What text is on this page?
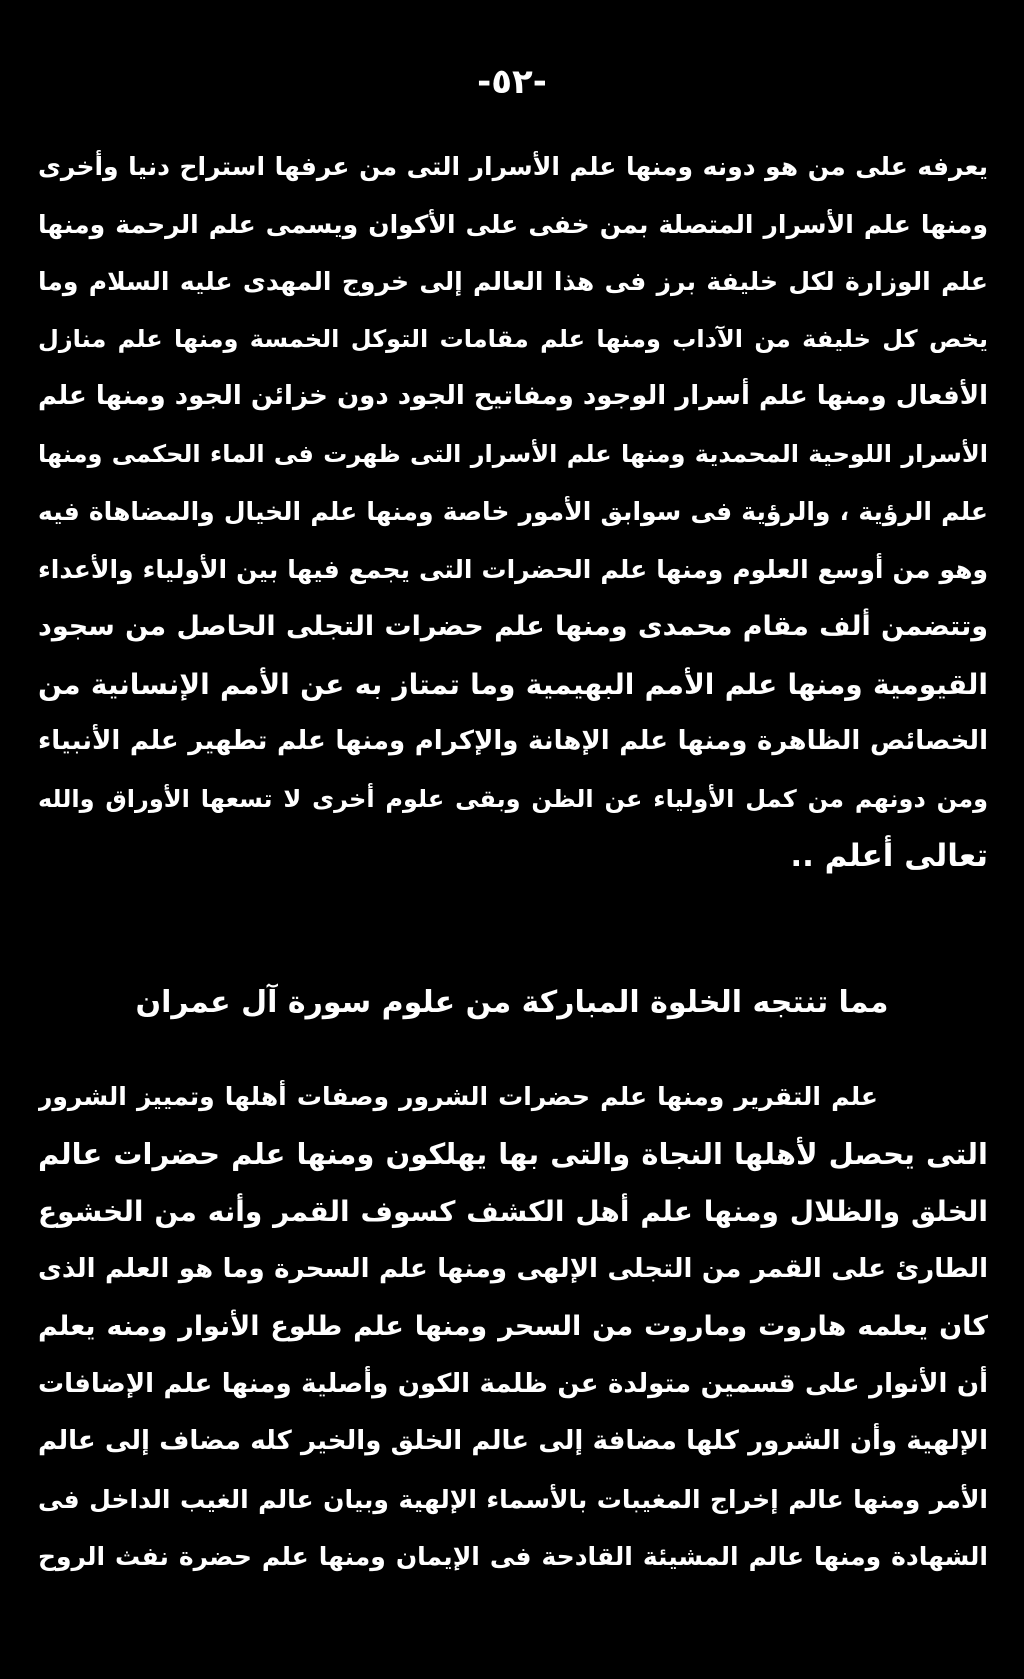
-٥٢-
يعرفه على من هو دونه ومنها علم الأسرار التى من عرفها استراح دنيا وأخرى
ومنها علم الأسرار المتصلة بمن خفى على الأكوان ويسمى علم الرحمة ومنها
علم الوزارة لكل خليفة برز فى هذا العالم إلى خروج المهدى عليه السلام وما
يخص كل خليفة من الآداب ومنها علم مقامات التوكل الخمسة ومنها علم منازل
الأفعال ومنها علم أسرار الوجود ومفاتيح الجود دون خزائن الجود ومنها علم
الأسرار اللوحية المحمدية ومنها علم الأسرار التى ظهرت فى الماء الحكمى ومنها
علم الرؤية ، والرؤية فى سوابق الأمور خاصة ومنها علم الخيال والمضاهاة فيه
وهو من أوسع العلوم ومنها علم الحضرات التى يجمع فيها بين الأولياء والأعداء
وتتضمن ألف مقام محمدى ومنها علم حضرات التجلى الحاصل من سجود
القيومية ومنها علم الأمم البهيمية وما تمتاز به عن الأمم الإنسانية من
الخصائص الظاهرة ومنها علم الإهانة والإكرام ومنها علم تطهير علم الأنبياء
ومن دونهم من كمل الأولياء عن الظن وبقى علوم أخرى لا تسعها الأوراق والله
تعالى أعلم ..
مما تنتجه الخلوة المباركة من علوم سورة آل عمران
علم التقرير ومنها علم حضرات الشرور وصفات أهلها وتمييز الشرور
التى يحصل لأهلها النجاة والتى بها يهلكون ومنها علم حضرات عالم
الخلق والظلال ومنها علم أهل الكشف كسوف القمر وأنه من الخشوع
الطارئ على القمر من التجلى الإلهى ومنها علم السحرة وما هو العلم الذى
كان يعلمه هاروت وماروت من السحر ومنها علم طلوع الأنوار ومنه يعلم
أن الأنوار على قسمين متولدة عن ظلمة الكون وأصلية ومنها علم الإضافات
الإلهية وأن الشرور كلها مضافة إلى عالم الخلق والخير كله مضاف إلى عالم
الأمر ومنها عالم إخراج المغيبات بالأسماء الإلهية وبيان عالم الغيب الداخل فى
الشهادة ومنها عالم المشيئة القادحة فى الإيمان ومنها علم حضرة نفث الروح
